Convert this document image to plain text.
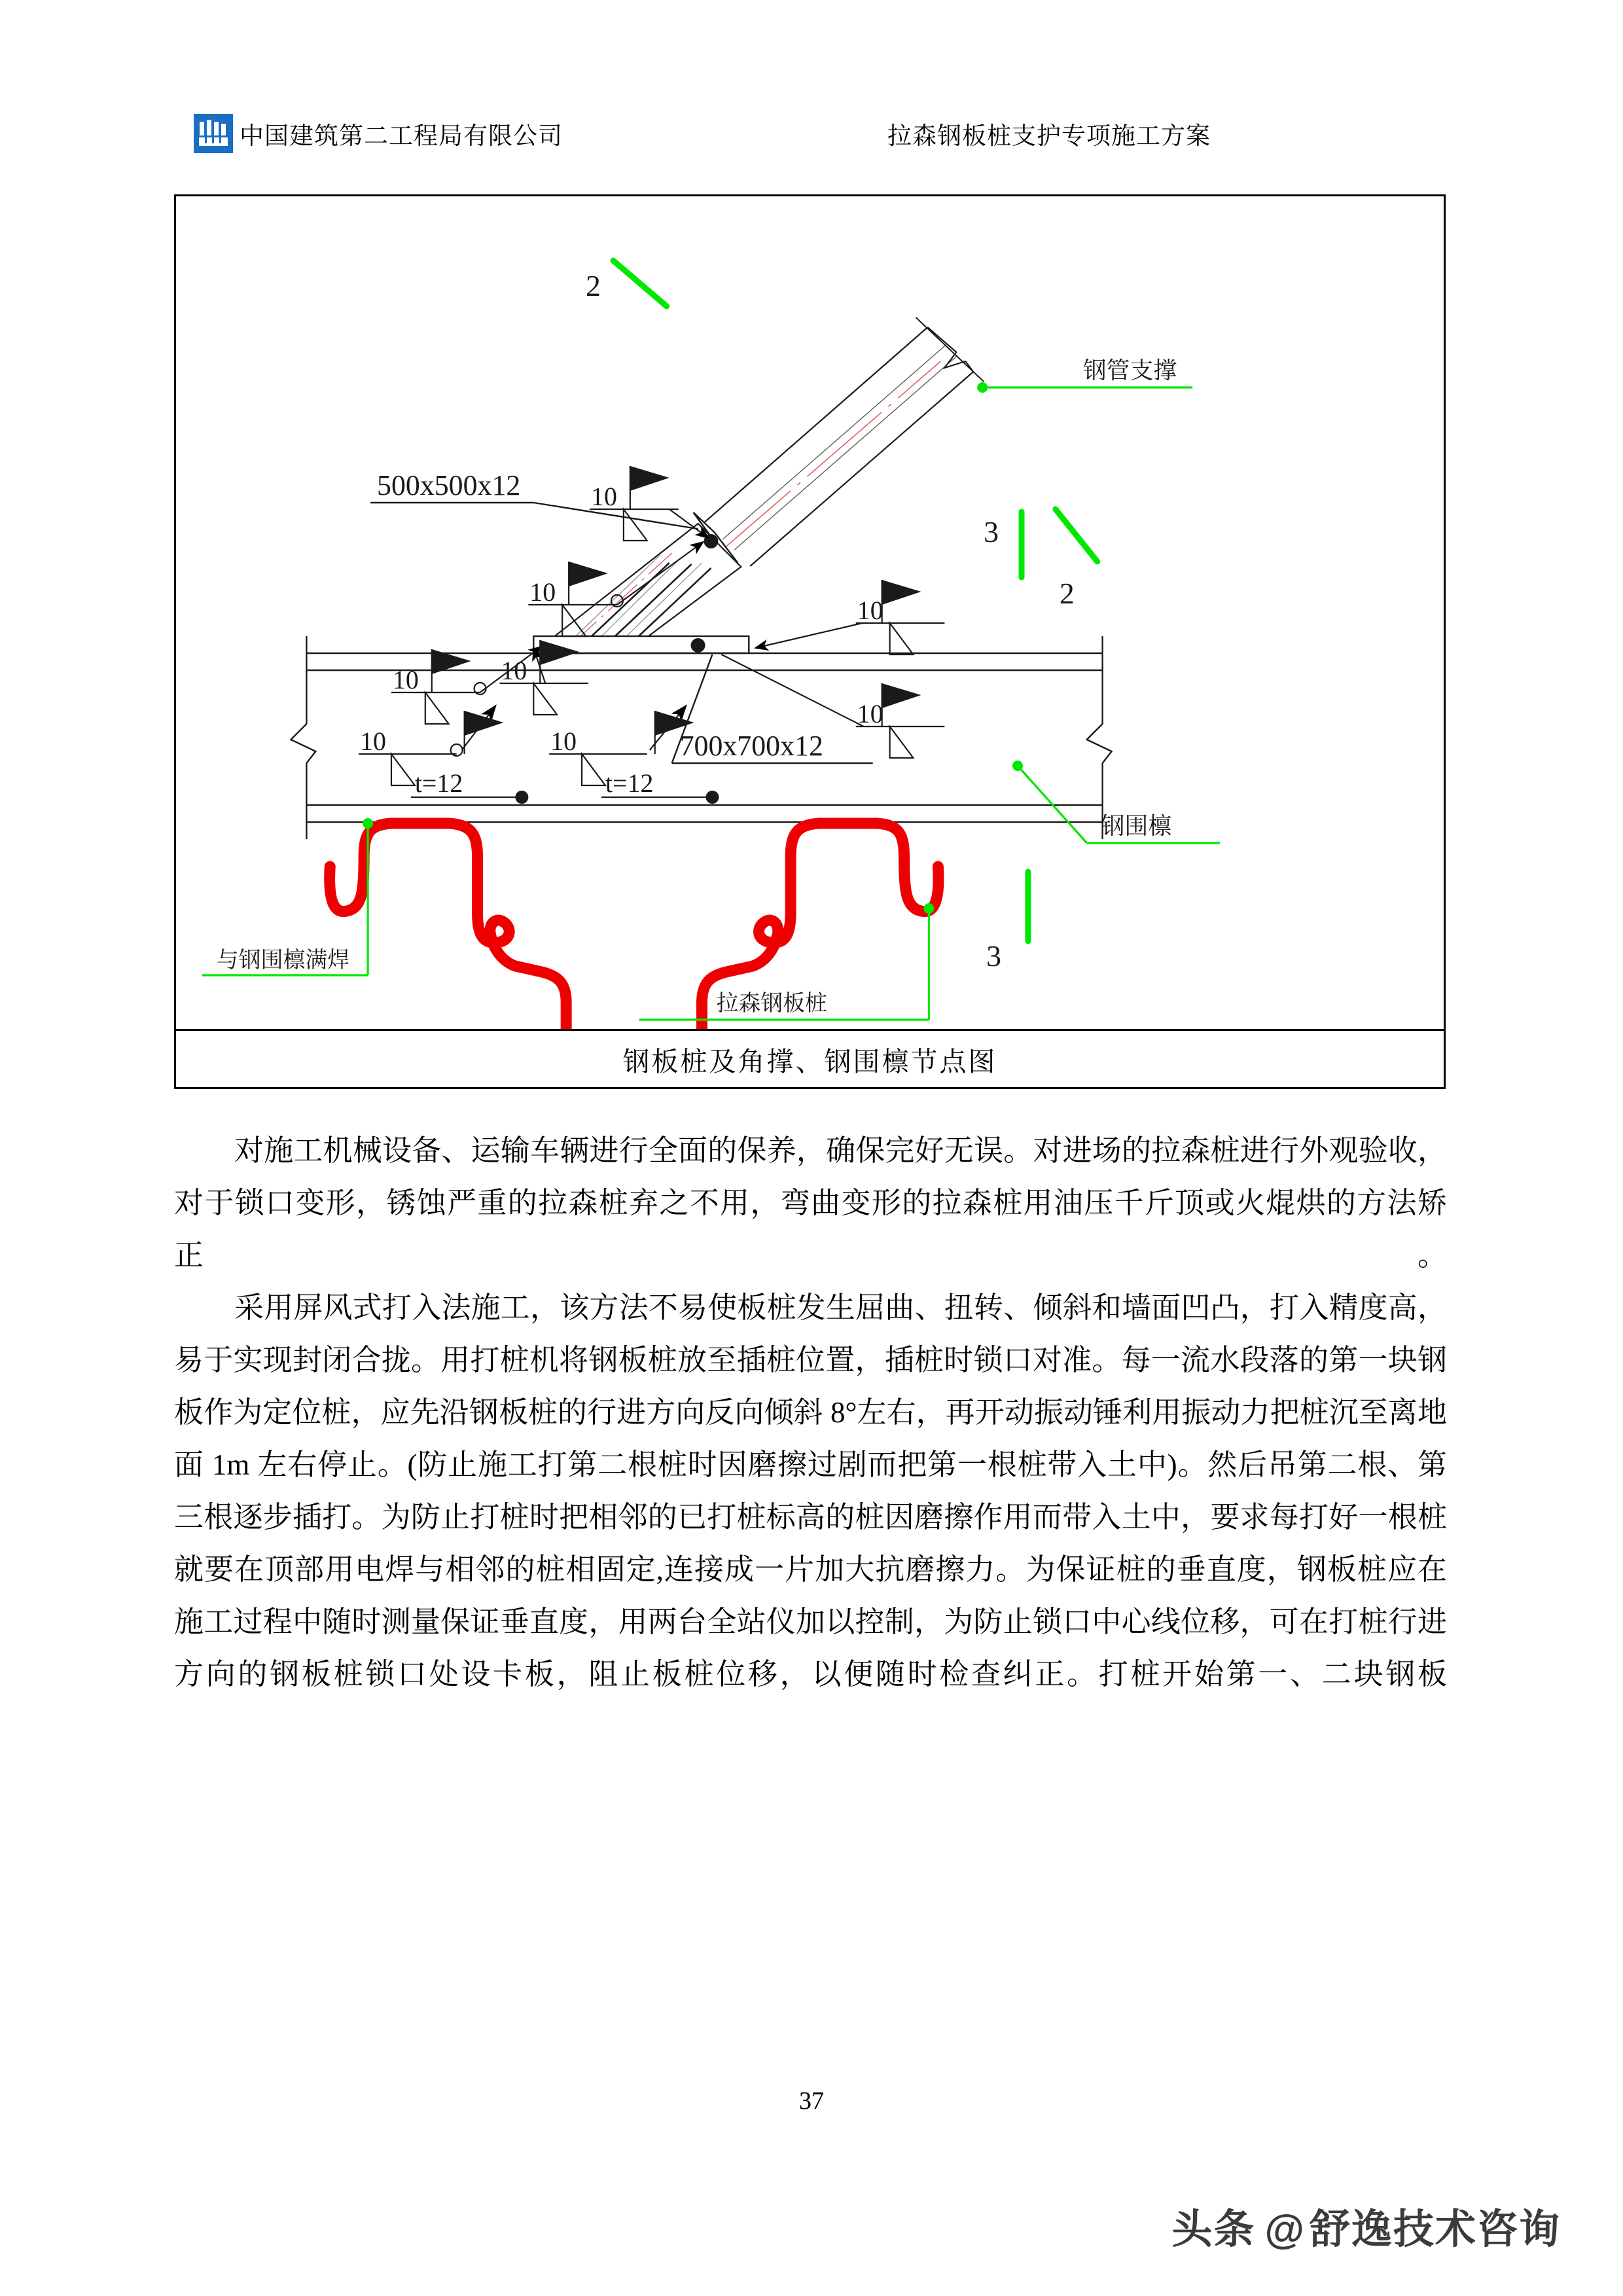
中国建筑第二工程局有限公司	拉森钢板桩支护专项施工方案
2
10	10
10
10
10
10
10
t=12
10
t=12
500x500x12
700x700x12
钢管支撑
钢围檩
与钢围檩满焊
拉森钢板桩
2
3
3
钢板桩及角撑、钢围檩节点图

对施工机械设备、运输车辆进行全面的保养，确保完好无误。对进场的拉森桩进行外观验收，对于锁口变形，锈蚀严重的拉森桩弃之不用，弯曲变形的拉森桩用油压千斤顶或火焜烘的方法矫正。

采用屏风式打入法施工，该方法不易使板桩发生屈曲、扭转、倾斜和墙面凹凸，打入精度高，易于实现封闭合拢。用打桩机将钢板桩放至插桩位置，插桩时锁口对准。每一流水段落的第一块钢板作为定位桩，应先沿钢板桩的行进方向反向倾斜 8°左右，再开动振动锤利用振动力把桩沉至离地面 1m 左右停止。(防止施工打第二根桩时因磨擦过剧而把第一根桩带入土中)。然后吊第二根、第三根逐步插打。为防止打桩时把相邻的已打桩标高的桩因磨擦作用而带入土中，要求每打好一根桩就要在顶部用电焊与相邻的桩相固定,连接成一片加大抗磨擦力。为保证桩的垂直度，钢板桩应在施工过程中随时测量保证垂直度，用两台全站仪加以控制，为防止锁口中心线位移，可在打桩行进方向的钢板桩锁口处设卡板，阻止板桩位移，以便随时检查纠正。打桩开始第一、二块钢板

37
头条 @舒逸技术咨询
